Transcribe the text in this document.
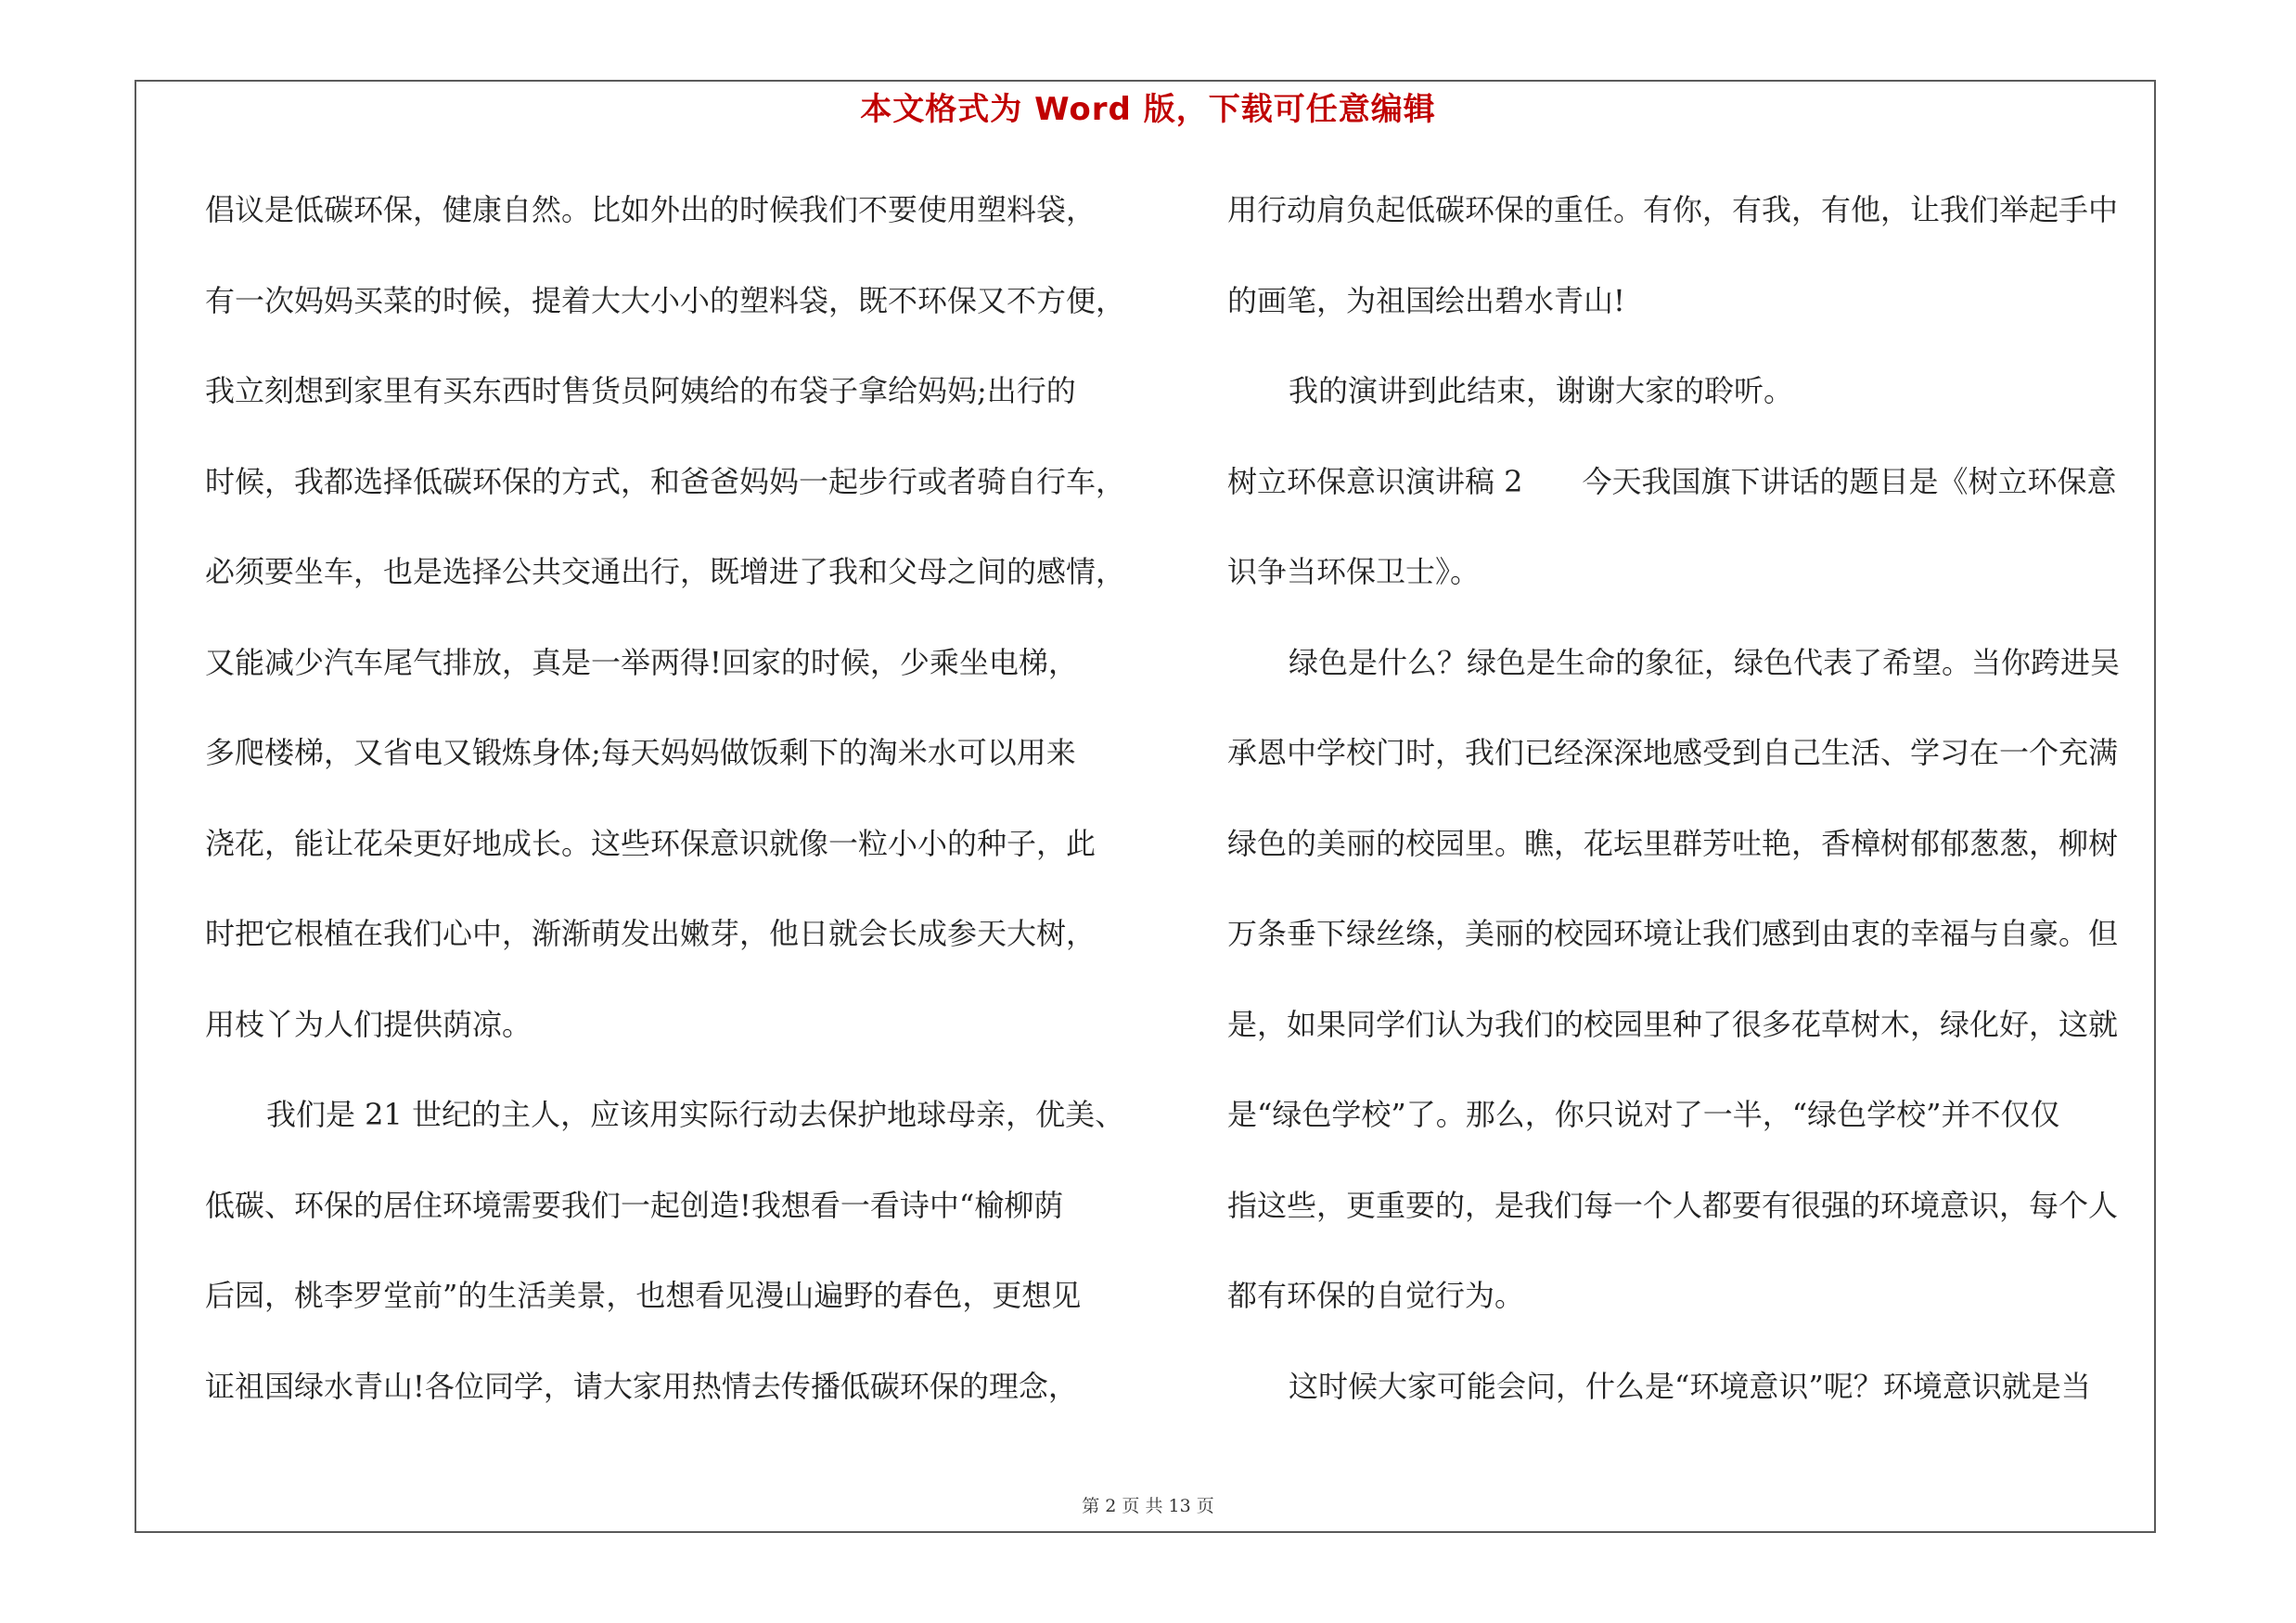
本文格式为 Word 版，下载可任意编辑
倡议是低碳环保，健康自然。比如外出的时候我们不要使用塑料袋，
有一次妈妈买菜的时候，提着大大小小的塑料袋，既不环保又不方便，
我立刻想到家里有买东西时售货员阿姨给的布袋子拿给妈妈;出行的
时候，我都选择低碳环保的方式，和爸爸妈妈一起步行或者骑自行车，
必须要坐车，也是选择公共交通出行，既增进了我和父母之间的感情，
又能减少汽车尾气排放，真是一举两得!回家的时候，少乘坐电梯，
多爬楼梯，又省电又锻炼身体;每天妈妈做饭剩下的淘米水可以用来
浇花，能让花朵更好地成长。这些环保意识就像一粒小小的种子，此
时把它根植在我们心中，渐渐萌发出嫩芽，他日就会长成参天大树，
用枝丫为人们提供荫凉。
我们是 21 世纪的主人，应该用实际行动去保护地球母亲，优美、
低碳、环保的居住环境需要我们一起创造!我想看一看诗中“榆柳荫
后园，桃李罗堂前”的生活美景，也想看见漫山遍野的春色，更想见
证祖国绿水青山!各位同学，请大家用热情去传播低碳环保的理念，
用行动肩负起低碳环保的重任。有你，有我，有他，让我们举起手中
的画笔，为祖国绘出碧水青山!
我的演讲到此结束，谢谢大家的聆听。
树立环保意识演讲稿 2　　今天我国旗下讲话的题目是《树立环保意
识争当环保卫士》。
绿色是什么？绿色是生命的象征，绿色代表了希望。当你跨进吴
承恩中学校门时，我们已经深深地感受到自己生活、学习在一个充满
绿色的美丽的校园里。瞧，花坛里群芳吐艳，香樟树郁郁葱葱，柳树
万条垂下绿丝绦，美丽的校园环境让我们感到由衷的幸福与自豪。但
是，如果同学们认为我们的校园里种了很多花草树木，绿化好，这就
是“绿色学校”了。那么，你只说对了一半，“绿色学校”并不仅仅
指这些，更重要的，是我们每一个人都要有很强的环境意识，每个人
都有环保的自觉行为。
这时候大家可能会问，什么是“环境意识”呢？环境意识就是当
第 2 页 共 13 页
